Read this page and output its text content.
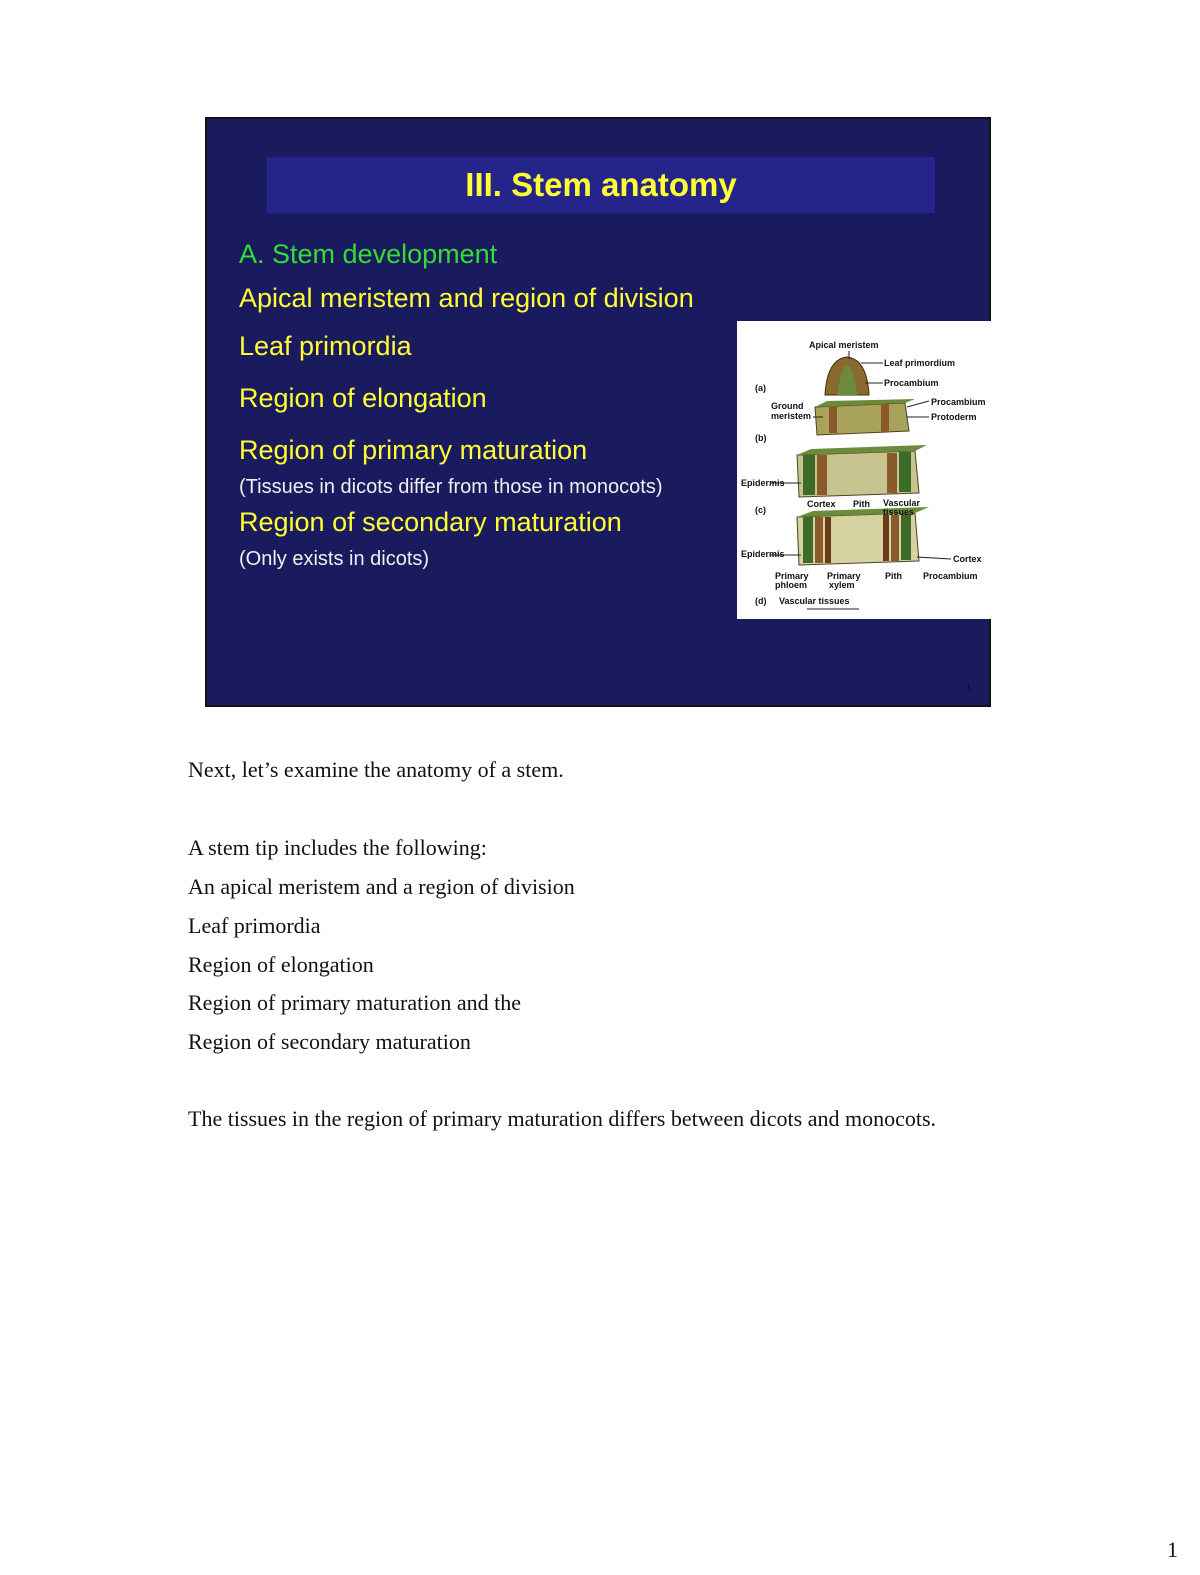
III. Stem anatomy
A. Stem development
Apical meristem and region of division
Leaf primordia
Region of elongation
Region of primary maturation
(Tissues in dicots differ from those in monocots)
Region of secondary maturation
(Only exists in dicots)
Apical meristem
Leaf primordium
Procambium
(a)
Ground
meristem
Procambium
Protoderm
(b)
Epidermis
Cortex Pith Vascular
tissues
(c)
Epidermis	Cortex
Primary
phloem
Primary
xylem
Pith Procambium
(d) Vascular tissues
1
Next, let’s examine the anatomy of a stem.
A stem tip includes the following:
An apical meristem and a region of division
Leaf primordia
Region of elongation
Region of primary maturation and the
Region of secondary maturation
The tissues in the region of primary maturation differs between dicots and monocots.
1
